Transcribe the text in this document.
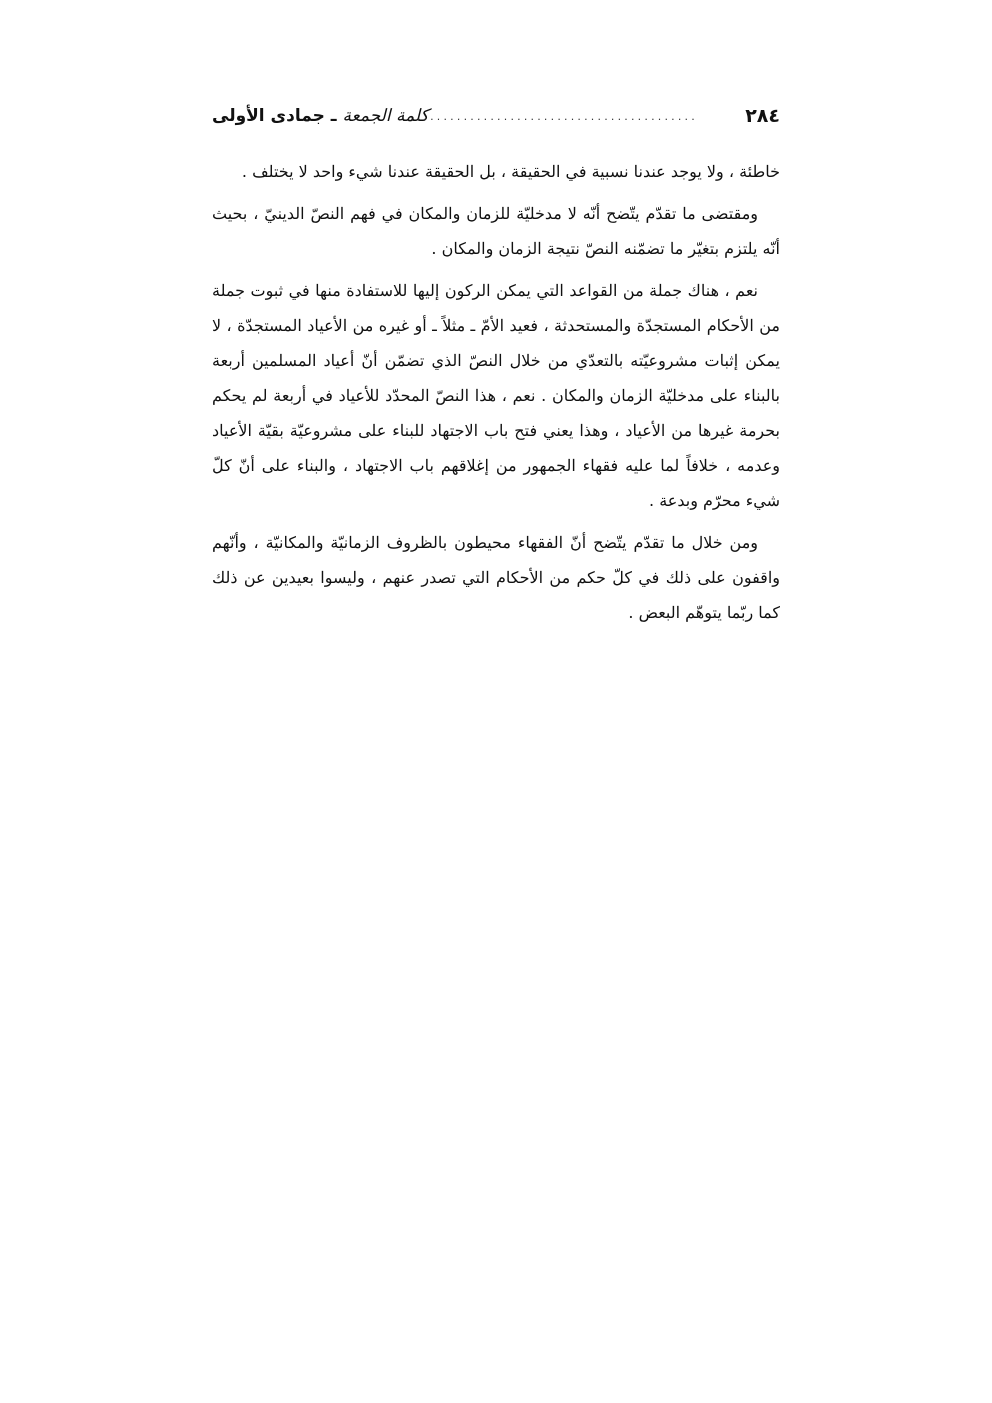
كلمة الجمعة ـ جمادى الأولى	...........................................	٢٨٤

خاطئة ، ولا يوجد عندنا نسبية في الحقيقة ، بل الحقيقة عندنا شيء واحد لا يختلف .

ومقتضى ما تقدّم يتّضح أنّه لا مدخليّة للزمان والمكان في فهم النصّ الدينيّ ، بحيث أنّه يلتزم بتغيّر ما تضمّنه النصّ نتيجة الزمان والمكان .

نعم ، هناك جملة من القواعد التي يمكن الركون إليها للاستفادة منها في ثبوت جملة من الأحكام المستجدّة والمستحدثة ، فعيد الأمّ ـ مثلاً ـ أو غيره من الأعياد المستجدّة ، لا يمكن إثبات مشروعيّته بالتعدّي من خلال النصّ الذي تضمّن أنّ أعياد المسلمين أربعة بالبناء على مدخليّة الزمان والمكان . نعم ، هذا النصّ المحدّد للأعياد في أربعة لم يحكم بحرمة غيرها من الأعياد ، وهذا يعني فتح باب الاجتهاد للبناء على مشروعيّة بقيّة الأعياد وعدمه ، خلافاً لما عليه فقهاء الجمهور من إغلاقهم باب الاجتهاد ، والبناء على أنّ كلّ شيء محرّم وبدعة .

ومن خلال ما تقدّم يتّضح أنّ الفقهاء محيطون بالظروف الزمانيّة والمكانيّة ، وأنّهم واقفون على ذلك في كلّ حكم من الأحكام التي تصدر عنهم ، وليسوا بعيدين عن ذلك كما ربّما يتوهّم البعض .
